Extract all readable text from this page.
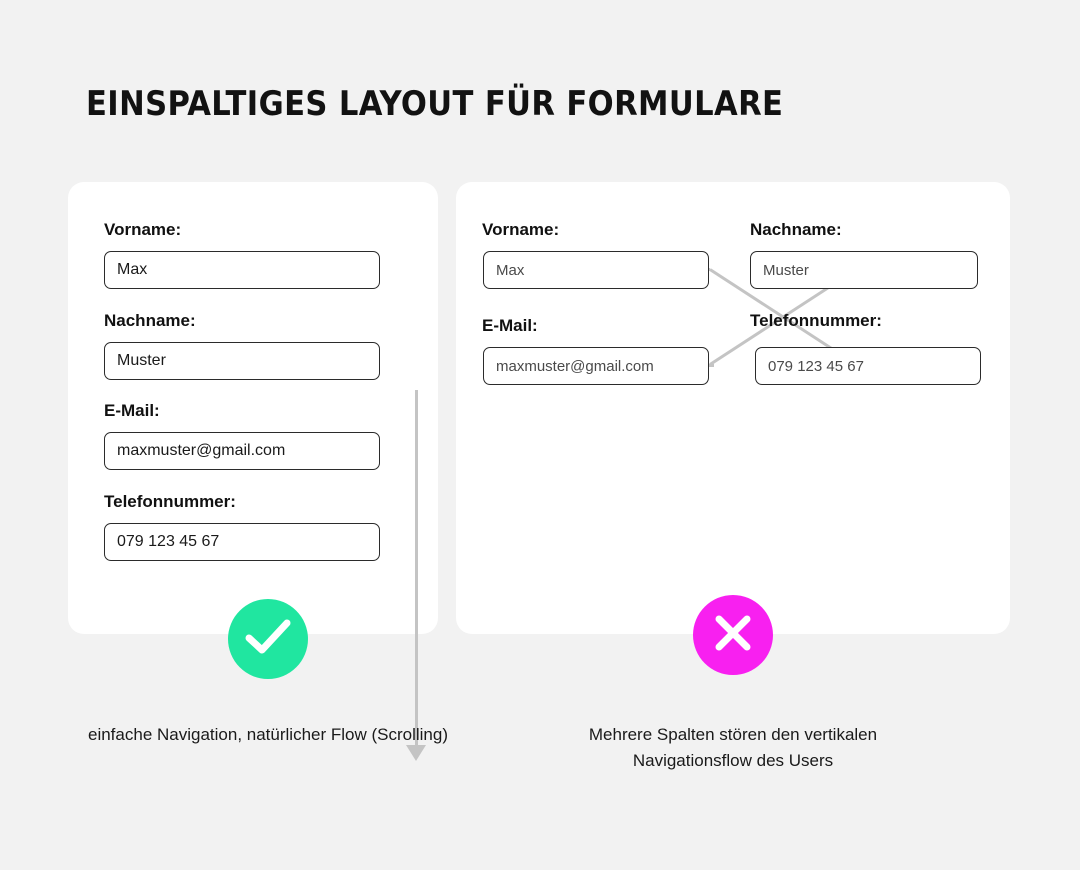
EINSPALTIGES LAYOUT FÜR FORMULARE
Vorname:
Max
Nachname:
Muster
E-Mail:
maxmuster@gmail.com
Telefonnummer:
079 123 45 67
Vorname:
Max
Nachname:
Muster
E-Mail:
maxmuster@gmail.com
Telefonnummer:
079 123 45 67
einfache Navigation, natürlicher Flow (Scrolling)	Mehrere Spalten stören den vertikalen Navigationsflow des Users
